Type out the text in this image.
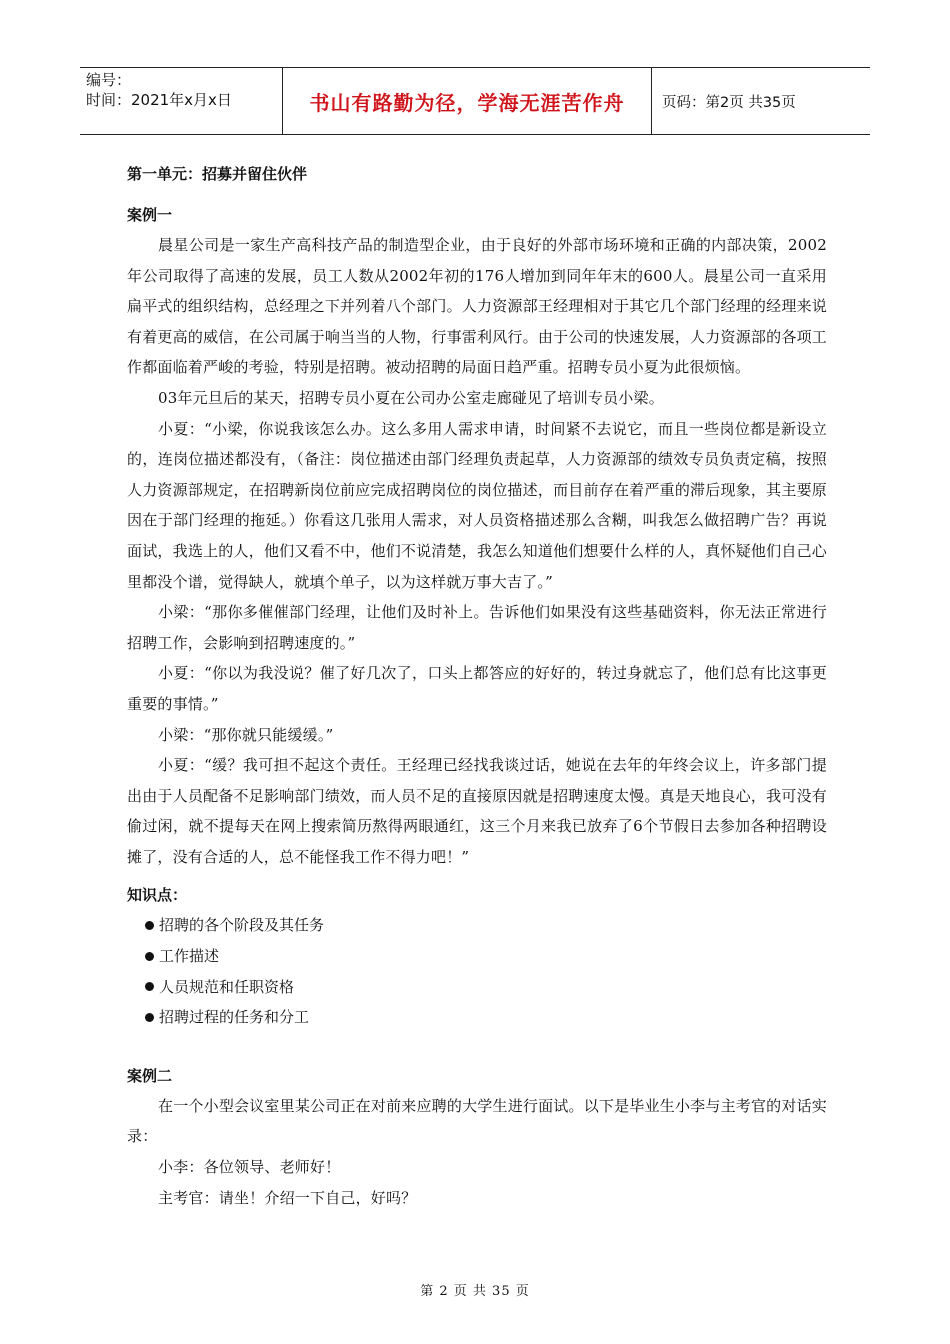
编号：
时间：2021年x月x日	书山有路勤为径，学海无涯苦作舟	页码：第2页 共35页
第一单元：招募并留住伙伴
案例一

晨星公司是一家生产高科技产品的制造型企业，由于良好的外部市场环境和正确的内部决策，2002年公司取得了高速的发展，员工人数从2002年初的176人增加到同年年末的600人。晨星公司一直采用扁平式的组织结构，总经理之下并列着八个部门。人力资源部王经理相对于其它几个部门经理的经理来说有着更高的威信，在公司属于响当当的人物，行事雷利风行。由于公司的快速发展，人力资源部的各项工作都面临着严峻的考验，特别是招聘。被动招聘的局面日趋严重。招聘专员小夏为此很烦恼。

03年元旦后的某天，招聘专员小夏在公司办公室走廊碰见了培训专员小梁。

小夏：“小梁，你说我该怎么办。这么多用人需求申请，时间紧不去说它，而且一些岗位都是新设立的，连岗位描述都没有，（备注：岗位描述由部门经理负责起草，人力资源部的绩效专员负责定稿，按照人力资源部规定，在招聘新岗位前应完成招聘岗位的岗位描述，而目前存在着严重的滞后现象，其主要原因在于部门经理的拖延。）你看这几张用人需求，对人员资格描述那么含糊，叫我怎么做招聘广告？再说面试，我选上的人，他们又看不中，他们不说清楚，我怎么知道他们想要什么样的人，真怀疑他们自己心里都没个谱，觉得缺人，就填个单子，以为这样就万事大吉了。”

小梁：“那你多催催部门经理，让他们及时补上。告诉他们如果没有这些基础资料，你无法正常进行招聘工作，会影响到招聘速度的。”

小夏：“你以为我没说？催了好几次了，口头上都答应的好好的，转过身就忘了，他们总有比这事更重要的事情。”

小梁：“那你就只能缓缓。”

小夏：“缓？我可担不起这个责任。王经理已经找我谈过话，她说在去年的年终会议上，许多部门提出由于人员配备不足影响部门绩效，而人员不足的直接原因就是招聘速度太慢。真是天地良心，我可没有偷过闲，就不提每天在网上搜索简历熬得两眼通红，这三个月来我已放弃了6个节假日去参加各种招聘设摊了，没有合适的人，总不能怪我工作不得力吧！”

知识点：
招聘的各个阶段及其任务
工作描述
人员规范和任职资格
招聘过程的任务和分工
案例二

在一个小型会议室里某公司正在对前来应聘的大学生进行面试。以下是毕业生小李与主考官的对话实录：

小李：各位领导、老师好！

主考官：请坐！介绍一下自己，好吗？

第 2 页 共 35 页
